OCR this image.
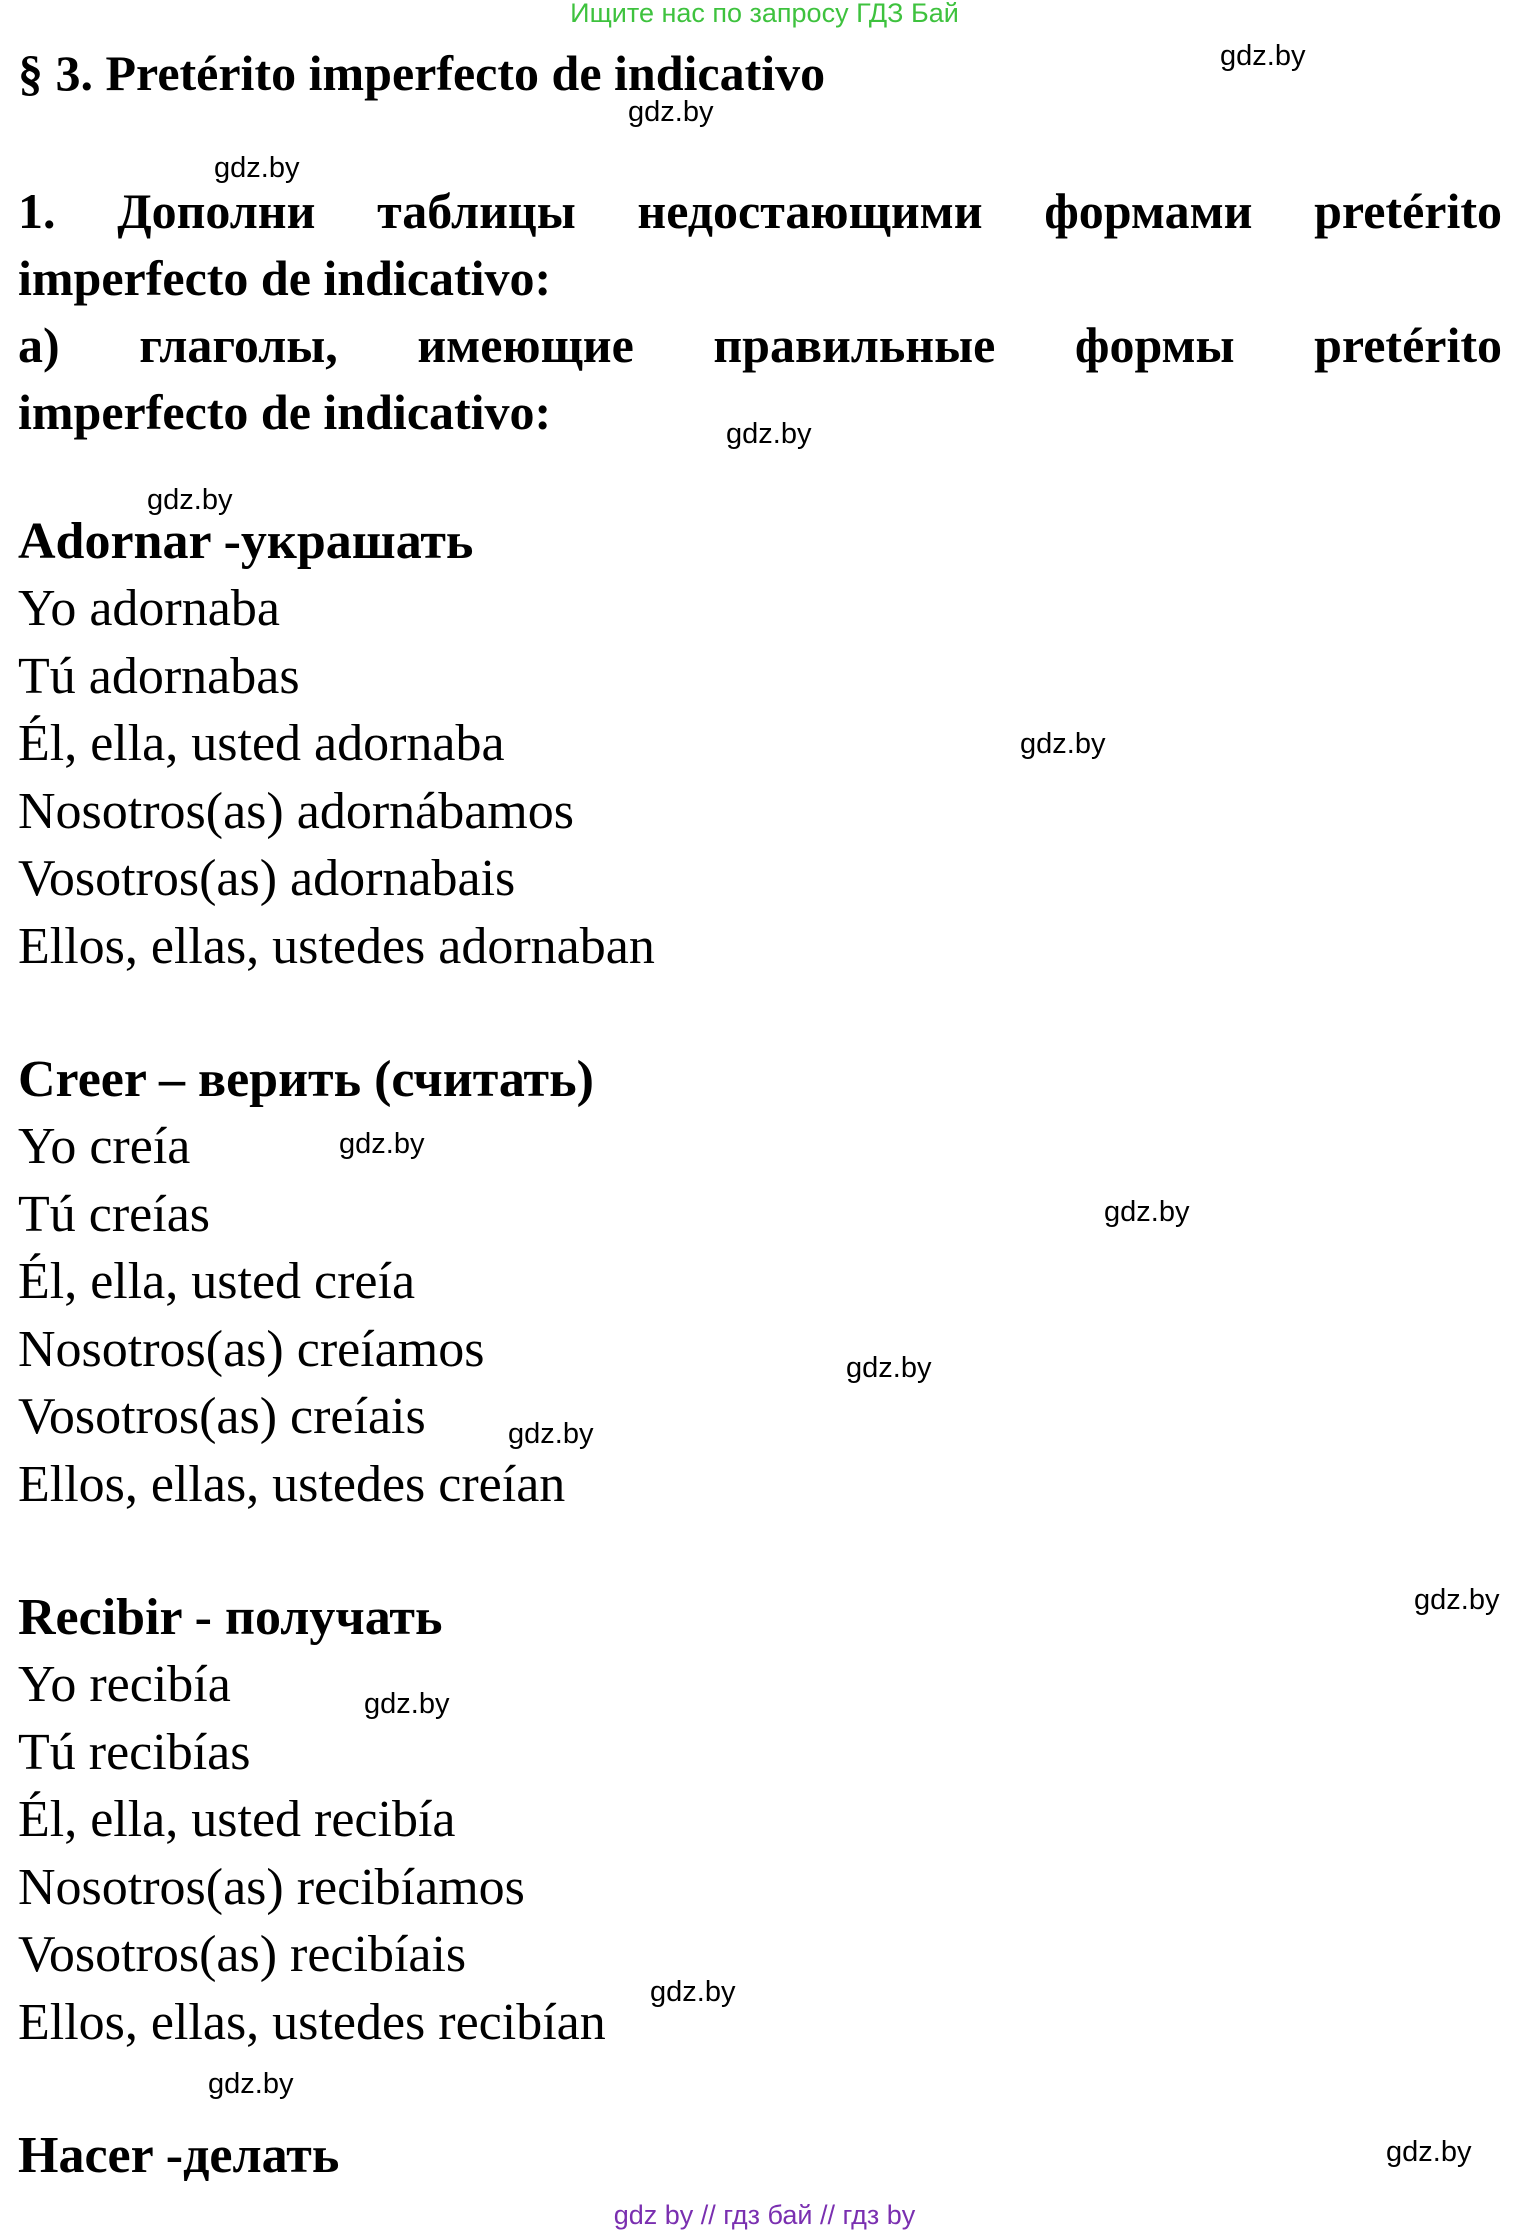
Ищите нас по запросу ГДЗ Бай
§ 3. Pretérito imperfecto de indicativo

1. Дополни таблицы недостающими формами pretérito

imperfecto de indicativo:

а) глаголы, имеющие правильные формы pretérito

imperfecto de indicativo:

Adornar -украшать

Yo adornaba

Tú adornabas

Él, ella, usted adornaba

Nosotros(as) adornábamos

Vosotros(as) adornabais

Ellos, ellas, ustedes adornaban

Creer – верить (считать)

Yo creía

Tú creías

Él, ella, usted creía

Nosotros(as) creíamos

Vosotros(as) creíais

Ellos, ellas, ustedes creían

Recibir - получать

Yo recibía

Tú recibías

Él, ella, usted recibía

Nosotros(as) recibíamos

Vosotros(as) recibíais

Ellos, ellas, ustedes recibían

Hacer -делать

gdz.by
gdz.by
gdz.by
gdz.by
gdz.by
gdz.by
gdz.by
gdz.by
gdz.by
gdz.by
gdz.by
gdz.by
gdz.by
gdz.by
gdz.by
gdz by // гдз бай // гдз by
